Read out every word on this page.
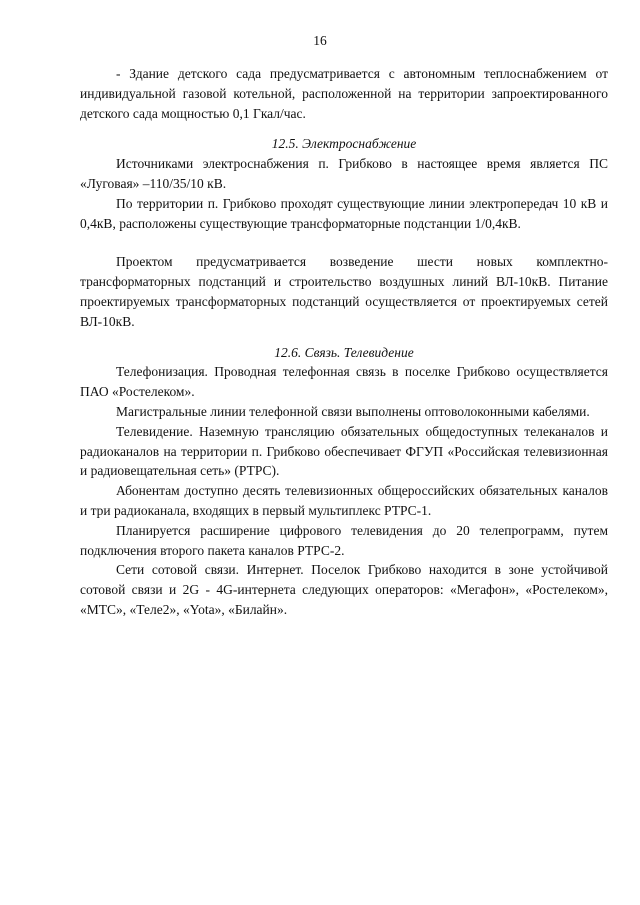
16

- Здание детского сада предусматривается с автономным теплоснабжением от индивидуальной газовой котельной, расположенной на территории запроектированного детского сада мощностью 0,1 Гкал/час.

12.5. Электроснабжение

Источниками электроснабжения п. Грибково в настоящее время является ПС «Луговая» –110/35/10 кВ.

По территории п. Грибково проходят существующие линии электропередач 10 кВ и 0,4кВ, расположены существующие трансформаторные подстанции 1/0,4кВ.

Проектом предусматривается возведение шести новых комплектно-трансформаторных подстанций и строительство воздушных линий ВЛ-10кВ. Питание проектируемых трансформаторных подстанций осуществляется от проектируемых сетей ВЛ-10кВ.

12.6. Связь. Телевидение

Телефонизация. Проводная телефонная связь в поселке Грибково осуществляется ПАО «Ростелеком».

Магистральные линии телефонной связи выполнены оптоволоконными кабелями.

Телевидение. Наземную трансляцию обязательных общедоступных телеканалов и радиоканалов на территории п. Грибково обеспечивает ФГУП «Российская телевизионная и радиовещательная сеть» (РТРС).

Абонентам доступно десять телевизионных общероссийских обязательных каналов и три радиоканала, входящих в первый мультиплекс РТРС-1.

Планируется расширение цифрового телевидения до 20 телепрограмм, путем подключения второго пакета каналов РТРС-2.

Сети сотовой связи. Интернет. Поселок Грибково находится в зоне устойчивой сотовой связи и 2G - 4G-интернета следующих операторов: «Мегафон», «Ростелеком», «МТС», «Теле2», «Yota», «Билайн».
